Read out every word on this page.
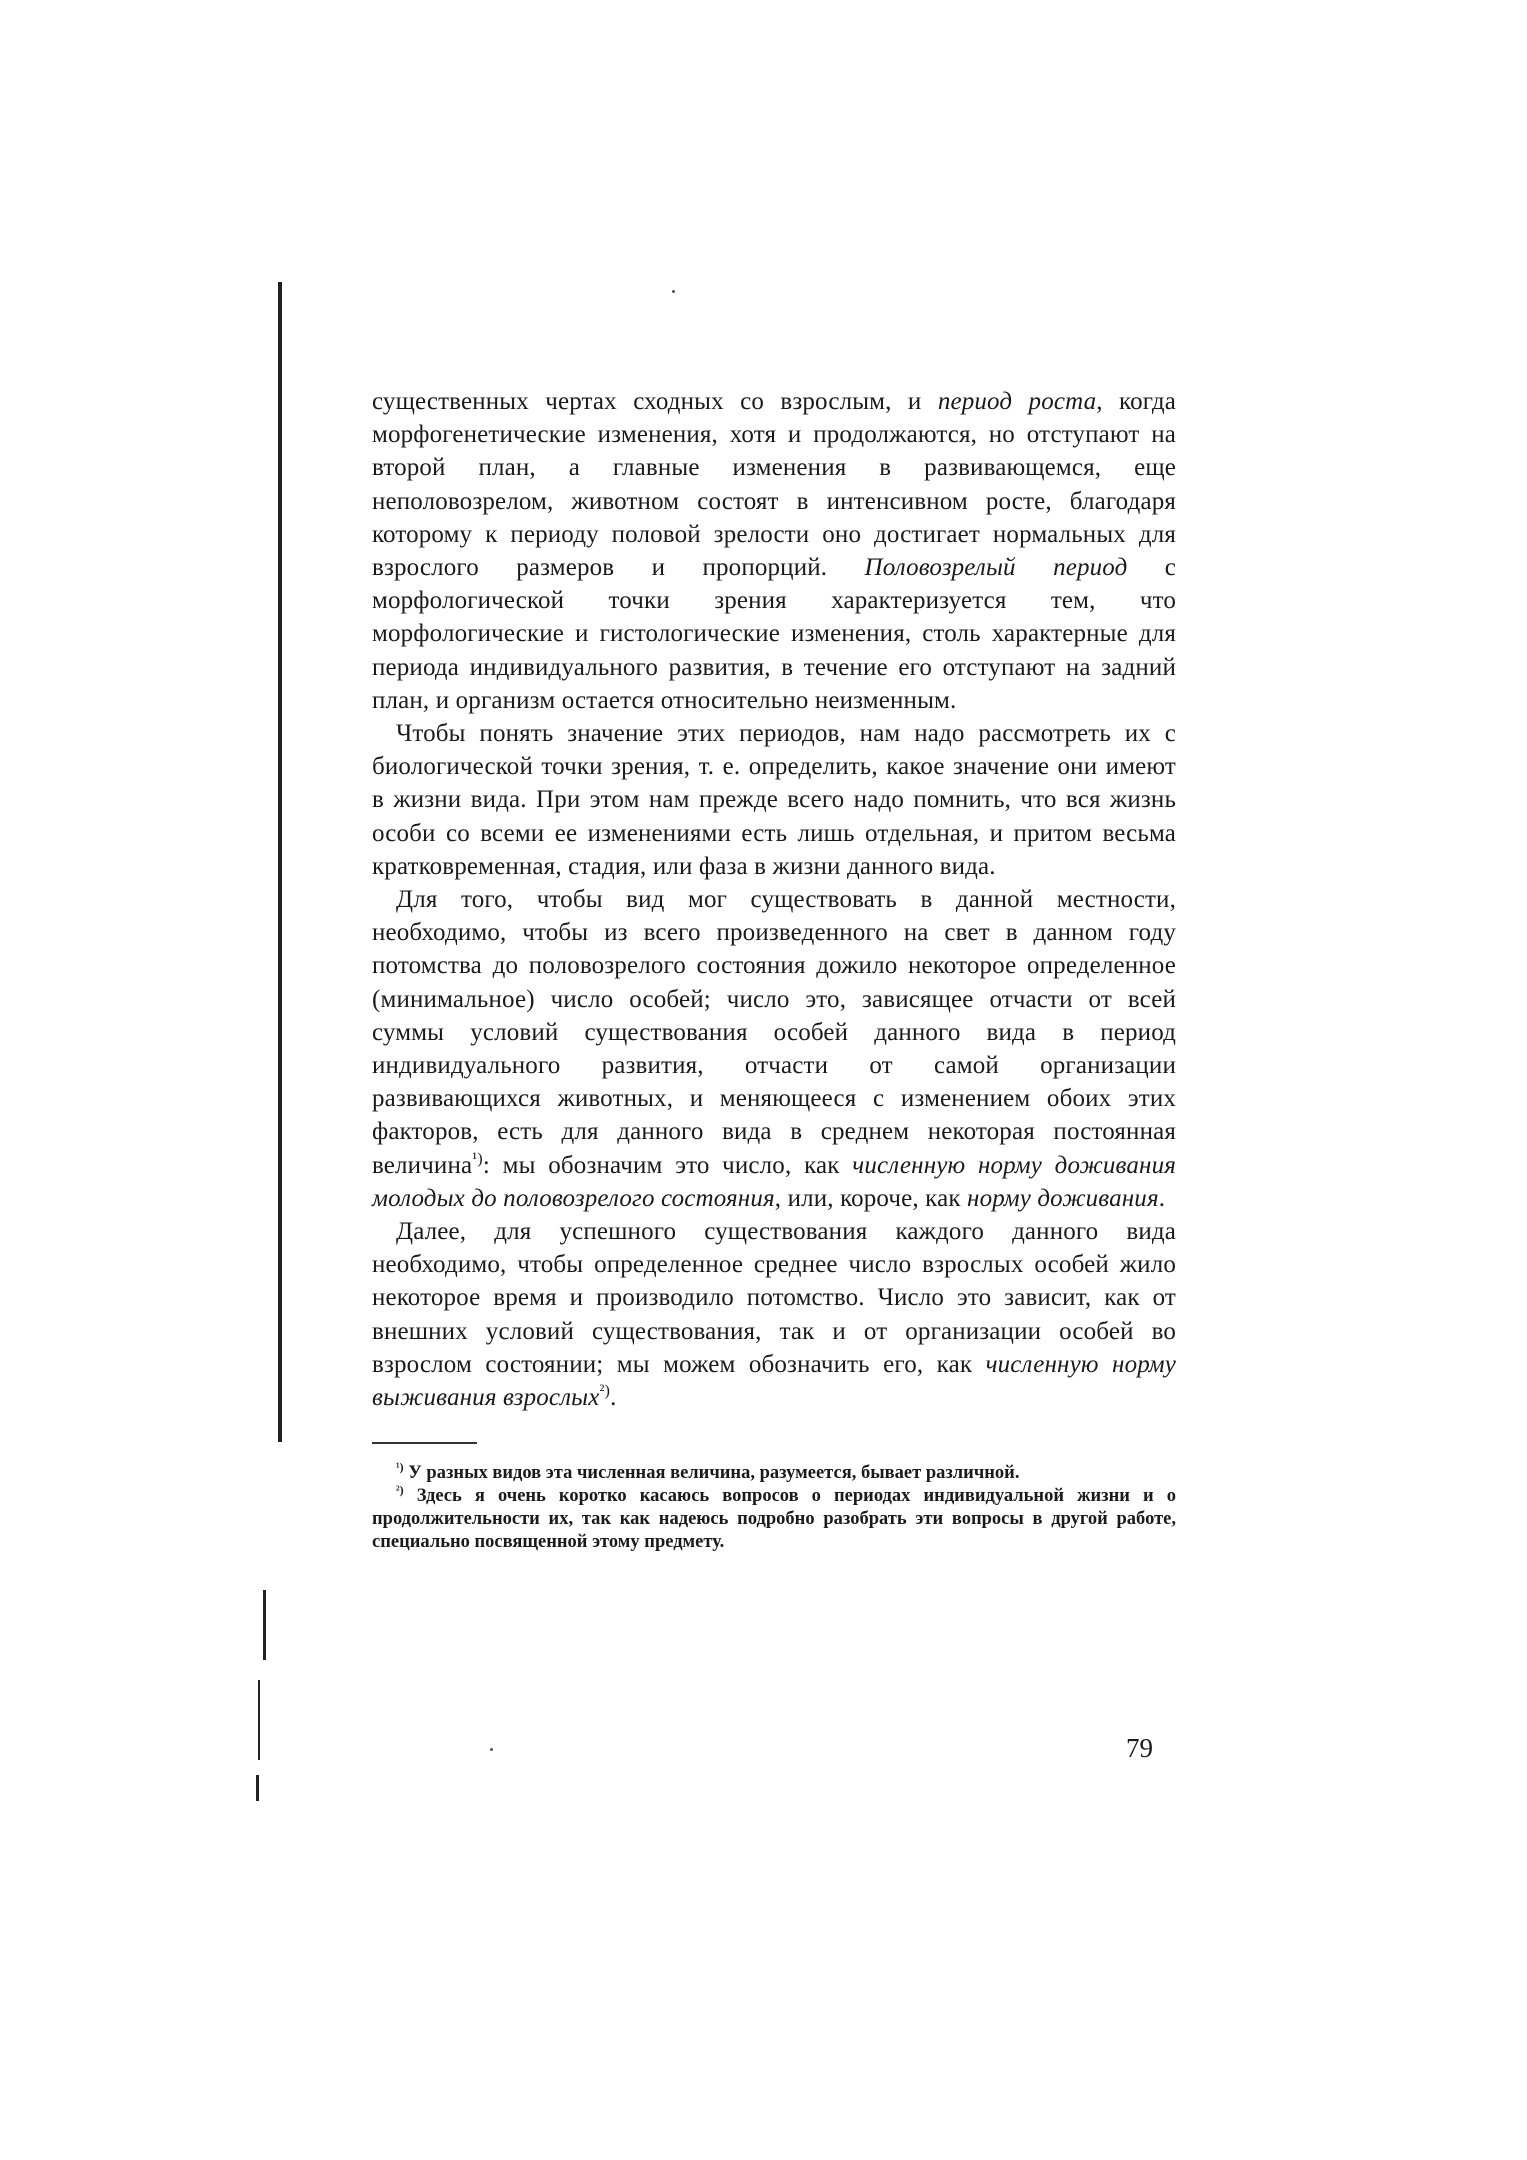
существенных чертах сходных со взрослым, и период роста, когда морфогенетические изменения, хотя и продолжаются, но отступают на второй план, а главные изменения в развивающемся, еще неполовозрелом, животном состоят в интенсивном росте, благодаря которому к периоду половой зрелости оно достигает нормальных для взрослого размеров и пропорций. Половозрелый период с морфологической точки зрения характеризуется тем, что морфологические и гистологические изменения, столь характерные для периода индивидуального развития, в течение его отступают на задний план, и организм остается относительно неизменным.

Чтобы понять значение этих периодов, нам надо рассмотреть их с биологической точки зрения, т. е. определить, какое значение они имеют в жизни вида. При этом нам прежде всего надо помнить, что вся жизнь особи со всеми ее изменениями есть лишь отдельная, и притом весьма кратковременная, стадия, или фаза в жизни данного вида.

Для того, чтобы вид мог существовать в данной местности, необходимо, чтобы из всего произведенного на свет в данном году потомства до половозрелого состояния дожило некоторое определенное (минимальное) число особей; число это, зависящее отчасти от всей суммы условий существования особей данного вида в период индивидуального развития, отчасти от самой организации развивающихся животных, и меняющееся с изменением обоих этих факторов, есть для данного вида в среднем некоторая постоянная величина$^{^1)}$: мы обозначим это число, как численную норму доживания молодых до половозрелого состояния, или, короче, как норму доживания.

Далее, для успешного существования каждого данного вида необходимо, чтобы определенное среднее число взрослых особей жило некоторое время и производило потомство. Число это зависит, как от внешних условий существования, так и от организации особей во взрослом состоянии; мы можем обозначить его, как численную норму выживания взрослых$^{^2)}$.

$^{^1)}$ У разных видов эта численная величина, разумеется, бывает различной.

$^{^2)}$ Здесь я очень коротко касаюсь вопросов о периодах индивидуальной жизни и о продолжительности их, так как надеюсь подробно разобрать эти вопросы в другой работе, специально посвященной этому предмету.

79
